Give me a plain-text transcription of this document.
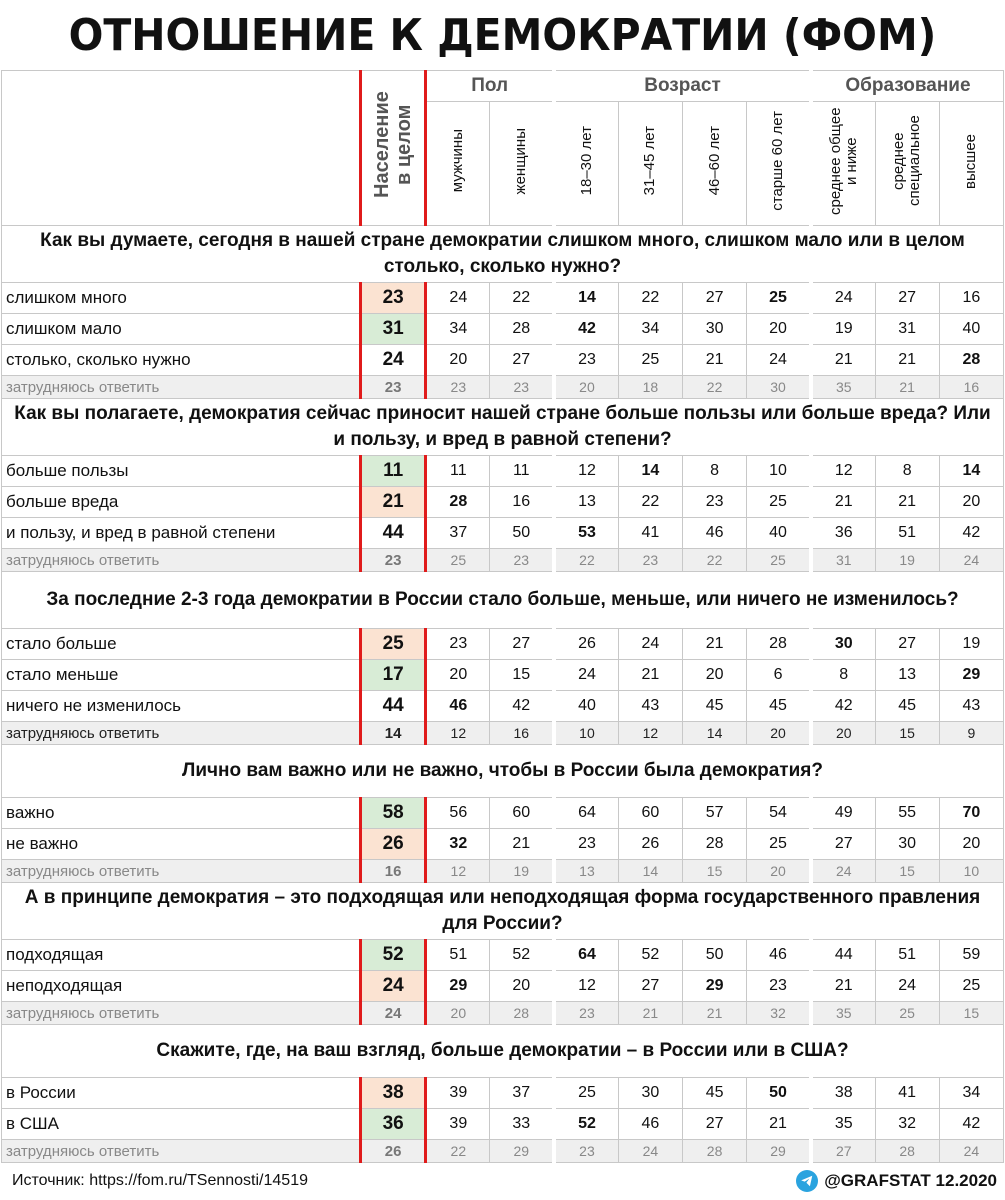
ОТНОШЕНИЕ К ДЕМОКРАТИИ (ФОМ)
	Население в целом	Пол		Возраст				Образование		
		мужчины	женщины	18–30 лет	31–45 лет	46–60 лет	старше 60 лет	среднее общее и ниже	среднее специальное	высшее
Как вы думаете, сегодня в нашей стране демократии слишком много, слишком мало или в целом столько, сколько нужно?										
слишком много	23	24	22	14	22	27	25	24	27	16
слишком мало	31	34	28	42	34	30	20	19	31	40
столько, сколько нужно	24	20	27	23	25	21	24	21	21	28
затрудняюсь ответить	23	23	23	20	18	22	30	35	21	16
Как вы полагаете, демократия сейчас приносит нашей стране больше пользы или больше вреда? Или и пользу, и вред в равной степени?										
больше пользы	11	11	11	12	14	8	10	12	8	14
больше вреда	21	28	16	13	22	23	25	21	21	20
и пользу, и вред в равной степени	44	37	50	53	41	46	40	36	51	42
затрудняюсь ответить	23	25	23	22	23	22	25	31	19	24
За последние 2-3 года демократии в России стало больше, меньше, или ничего не изменилось?										
стало больше	25	23	27	26	24	21	28	30	27	19
стало меньше	17	20	15	24	21	20	6	8	13	29
ничего не изменилось	44	46	42	40	43	45	45	42	45	43
затрудняюсь ответить	14	12	16	10	12	14	20	20	15	9
Лично вам важно или не важно, чтобы в России была демократия?										
важно	58	56	60	64	60	57	54	49	55	70
не важно	26	32	21	23	26	28	25	27	30	20
затрудняюсь ответить	16	12	19	13	14	15	20	24	15	10
А в принципе демократия – это подходящая или неподходящая форма государственного правления для России?										
подходящая	52	51	52	64	52	50	46	44	51	59
неподходящая	24	29	20	12	27	29	23	21	24	25
затрудняюсь ответить	24	20	28	23	21	21	32	35	25	15
Скажите, где, на ваш взгляд, больше демократии – в России или в США?										
в России	38	39	37	25	30	45	50	38	41	34
в США	36	39	33	52	46	27	21	35	32	42
затрудняюсь ответить	26	22	29	23	24	28	29	27	28	24
Источник: https://fom.ru/TSennosti/14519	@GRAFSTAT 12.2020
